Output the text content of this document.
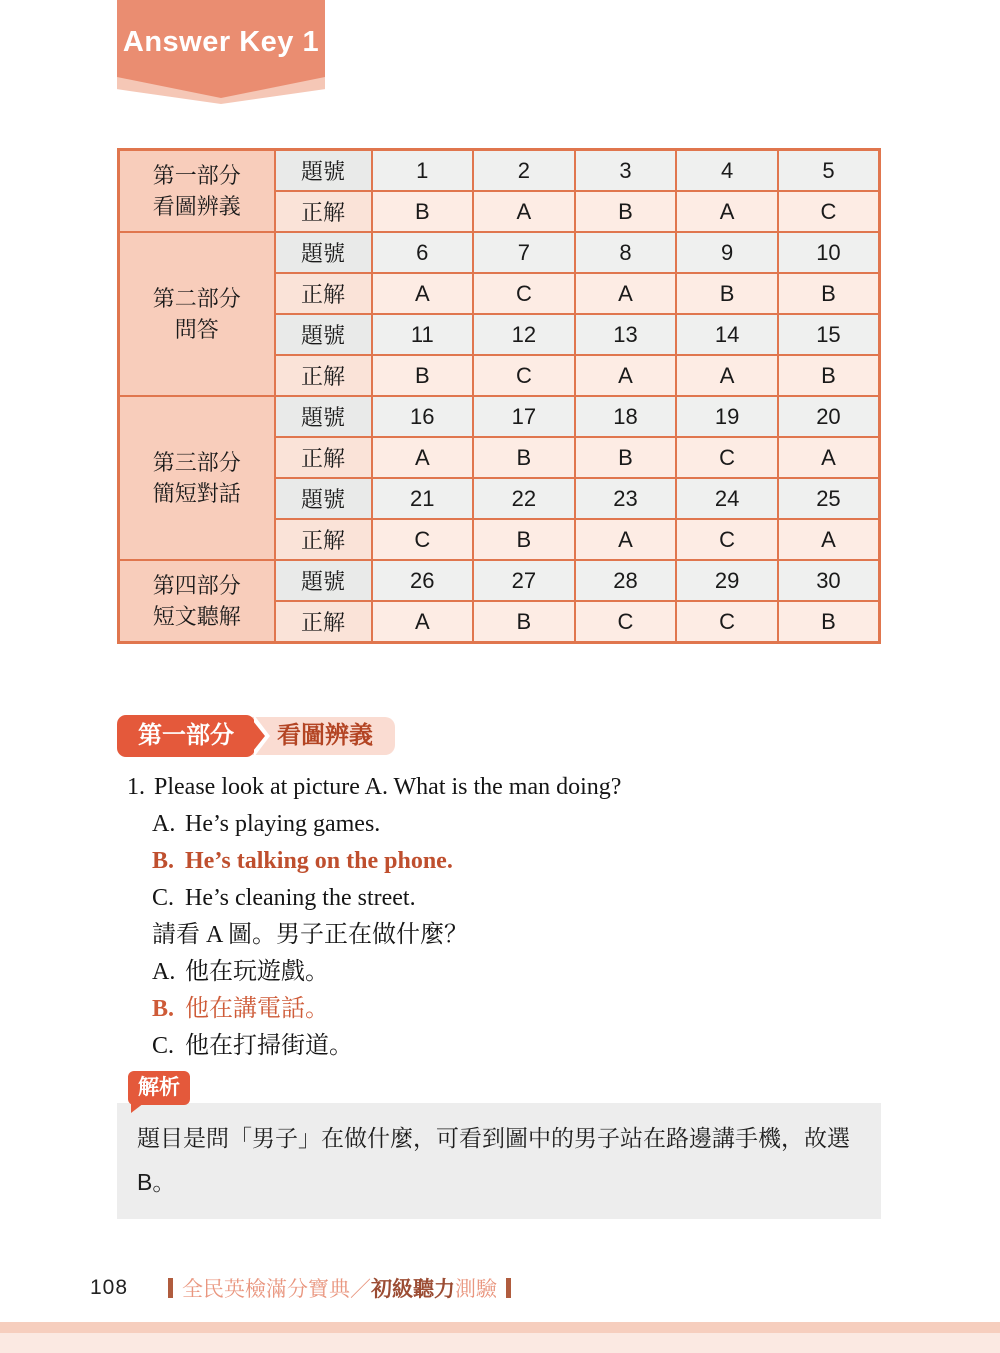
Answer Key 1
第一部分
看圖辨義	題號	1	2	3	4	5
	正解	B	A	B	A	C
第二部分
問答	題號	6	7	8	9	10
	正解	A	C	A	B	B
	題號	11	12	13	14	15
	正解	B	C	A	A	B
第三部分
簡短對話	題號	16	17	18	19	20
	正解	A	B	B	C	A
	題號	21	22	23	24	25
	正解	C	B	A	C	A
第四部分
短文聽解	題號	26	27	28	29	30
	正解	A	B	C	C	B
第一部分	看圖辨義
1. Please look at picture A. What is the man doing?
A. He’s playing games.
B. He’s talking on the phone.
C. He’s cleaning the street.
請看 A 圖。男子正在做什麼？
A. 他在玩遊戲。
B. 他在講電話。
C. 他在打掃街道。
解析
題目是問「男子」在做什麼，可看到圖中的男子站在路邊講手機，故選B。
108	全民英檢滿分寶典／ 初級聽力 測驗
